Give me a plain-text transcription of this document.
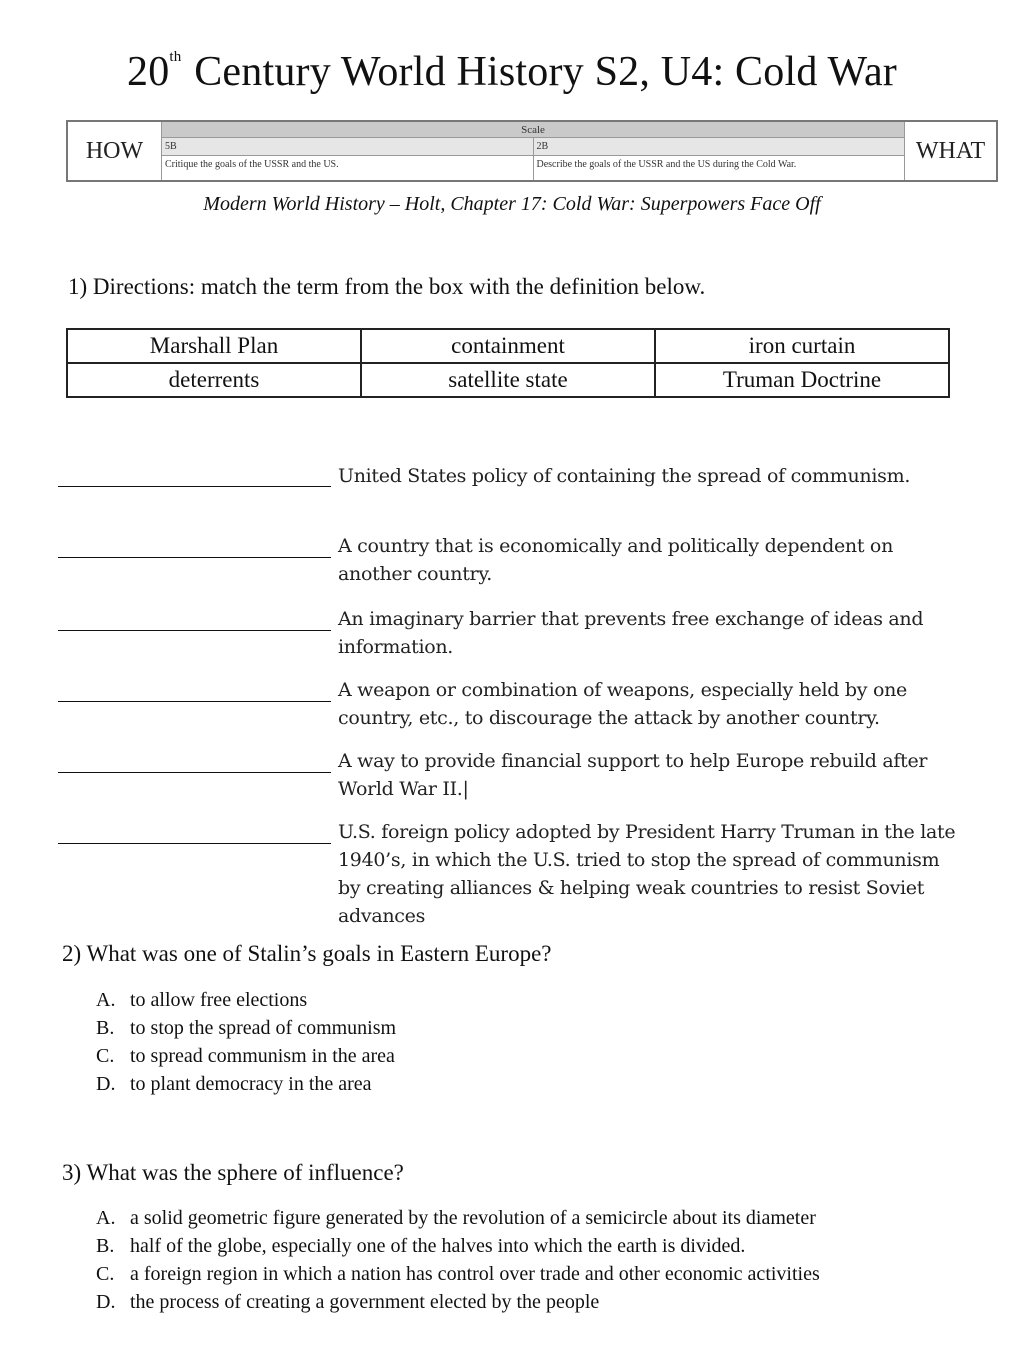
20th Century World History S2, U4: Cold War
HOW
Scale
5B	2B
Critique the goals of the USSR and the US.	Describe the goals of the USSR and the US during the Cold War.
WHAT
Modern World History – Holt, Chapter 17: Cold War: Superpowers Face Off
1) Directions: match the term from the box with the definition below.
Marshall Plan	containment	iron curtain
deterrents	satellite state	Truman Doctrine
United States policy of containing the spread of communism.
A country that is economically and politically dependent on another country.
An imaginary barrier that prevents free exchange of ideas and information.
A weapon or combination of weapons, especially held by one country, etc., to discourage the attack by another country.
A way to provide financial support to help Europe rebuild after World War II.|
U.S. foreign policy adopted by President Harry Truman in the late 1940’s, in which the U.S. tried to stop the spread of communism by creating alliances & helping weak countries to resist Soviet advances
2) What was one of Stalin’s goals in Eastern Europe?
A. to allow free elections
B. to stop the spread of communism
C. to spread communism in the area
D. to plant democracy in the area
3) What was the sphere of influence?
A. a solid geometric figure generated by the revolution of a semicircle about its diameter
B. half of the globe, especially one of the halves into which the earth is divided.
C. a foreign region in which a nation has control over trade and other economic activities
D. the process of creating a government elected by the people
